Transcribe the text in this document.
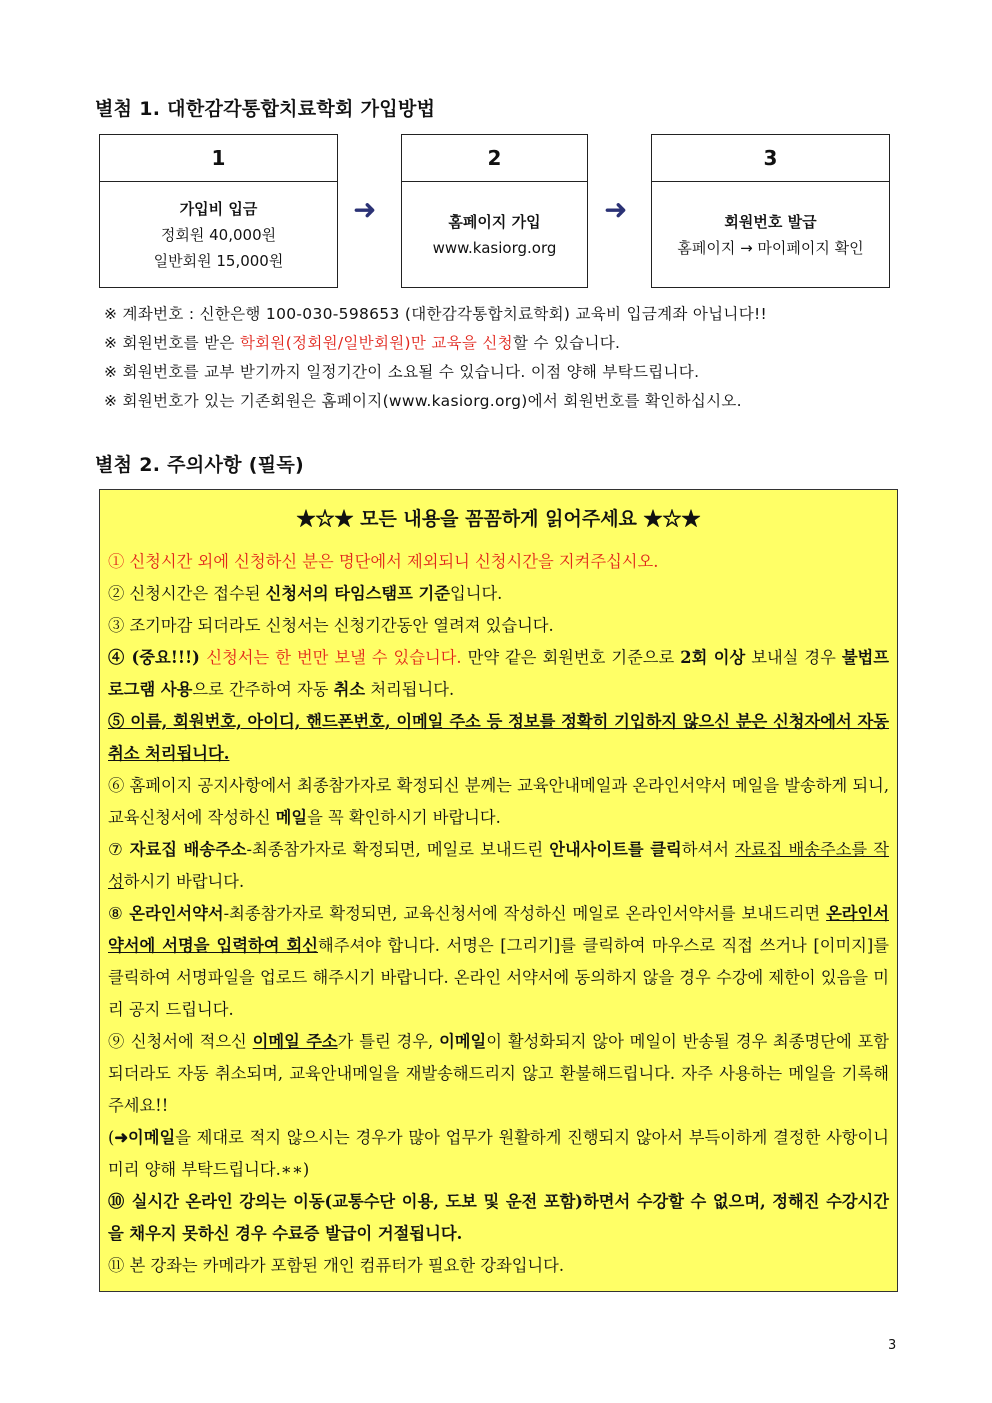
별첨 1. 대한감각통합치료학회 가입방법
1
가입비 입금
정회원 40,000원
일반회원 15,000원
➜
2
홈페이지 가입
www.kasiorg.org
➜
3
회원번호 발급
홈페이지 → 마이페이지 확인
※ 계좌번호 : 신한은행 100-030-598653 (대한감각통합치료학회) 교육비 입금계좌 아닙니다!!
※ 회원번호를 받은 학회원(정회원/일반회원)만 교육을 신청할 수 있습니다.
※ 회원번호를 교부 받기까지 일정기간이 소요될 수 있습니다. 이점 양해 부탁드립니다.
※ 회원번호가 있는 기존회원은 홈페이지(www.kasiorg.org)에서 회원번호를 확인하십시오.
별첨 2. 주의사항 (필독)
★☆★ 모든 내용을 꼼꼼하게 읽어주세요 ★☆★

① 신청시간 외에 신청하신 분은 명단에서 제외되니 신청시간을 지켜주십시오.

② 신청시간은 접수된 신청서의 타임스탬프 기준입니다.

③ 조기마감 되더라도 신청서는 신청기간동안 열려져 있습니다.

④ (중요!!!) 신청서는 한 번만 보낼 수 있습니다. 만약 같은 회원번호 기준으로 2회 이상 보내실 경우 불법프로그램 사용으로 간주하여 자동 취소 처리됩니다.

⑤ 이름, 회원번호, 아이디, 핸드폰번호, 이메일 주소 등 정보를 정확히 기입하지 않으신 분은 신청자에서 자동취소 처리됩니다.

⑥ 홈페이지 공지사항에서 최종참가자로 확정되신 분께는 교육안내메일과 온라인서약서 메일을 발송하게 되니, 교육신청서에 작성하신 메일을 꼭 확인하시기 바랍니다.

⑦ 자료집 배송주소-최종참가자로 확정되면, 메일로 보내드린 안내사이트를 클릭하셔서 자료집 배송주소를 작성하시기 바랍니다.

⑧ 온라인서약서-최종참가자로 확정되면, 교육신청서에 작성하신 메일로 온라인서약서를 보내드리면 온라인서약서에 서명을 입력하여 회신해주셔야 합니다. 서명은 [그리기]를 클릭하여 마우스로 직접 쓰거나 [이미지]를 클릭하여 서명파일을 업로드 해주시기 바랍니다. 온라인 서약서에 동의하지 않을 경우 수강에 제한이 있음을 미리 공지 드립니다.

⑨ 신청서에 적으신 이메일 주소가 틀린 경우, 이메일이 활성화되지 않아 메일이 반송될 경우 최종명단에 포함되더라도 자동 취소되며, 교육안내메일을 재발송해드리지 않고 환불해드립니다. 자주 사용하는 메일을 기록해주세요!!

(➜이메일을 제대로 적지 않으시는 경우가 많아 업무가 원활하게 진행되지 않아서 부득이하게 결정한 사항이니 미리 양해 부탁드립니다.∗∗)

⑩ 실시간 온라인 강의는 이동(교통수단 이용, 도보 및 운전 포함)하면서 수강할 수 없으며, 정해진 수강시간을 채우지 못하신 경우 수료증 발급이 거절됩니다.

⑪ 본 강좌는 카메라가 포함된 개인 컴퓨터가 필요한 강좌입니다.

3
